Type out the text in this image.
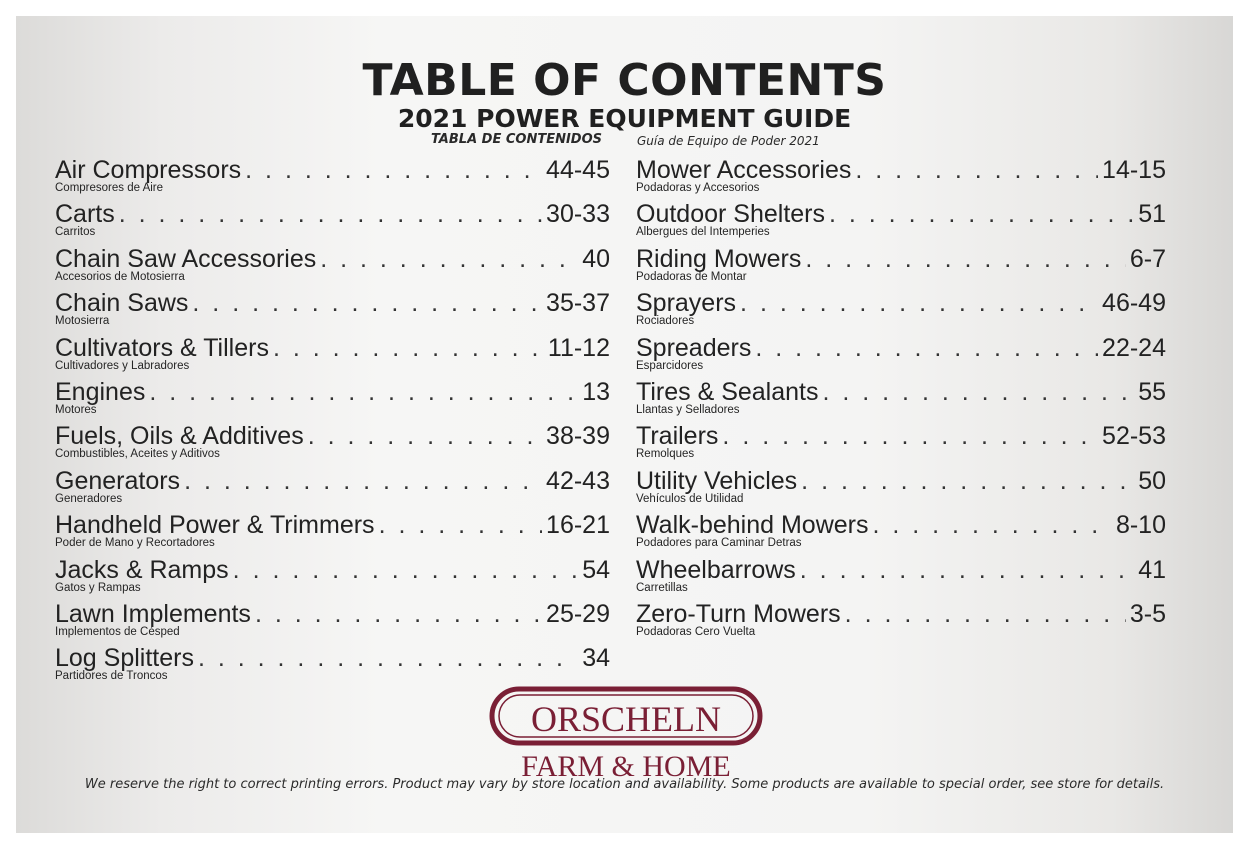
TABLE OF CONTENTS
2021 POWER EQUIPMENT GUIDE
TABLA DE CONTENIDOS	Guía de Equipo de Poder 2021
Air Compressors . . .	44-45
Compresores de Aire
Carts . . .	30-33
Carritos
Chain Saw Accessories . . .	40
Accesorios de Motosierra
Chain Saws . . .	35-37
Motosierra
Cultivators & Tillers . . .	11-12
Cultivadores y Labradores
Engines . . .	13
Motores
Fuels, Oils & Additives . . .	38-39
Combustibles, Aceites y Aditivos
Generators . . .	42-43
Generadores
Handheld Power & Trimmers . . .	16-21
Poder de Mano y Recortadores
Jacks & Ramps . . .	54
Gatos y Rampas
Lawn Implements . . .	25-29
Implementos de Césped
Log Splitters . . .	34
Partidores de Troncos
Mower Accessories . . .	14-15
Podadoras y Accesorios
Outdoor Shelters . . .	51
Albergues del Intemperies
Riding Mowers . . .	6-7
Podadoras de Montar
Sprayers . . .	46-49
Rociadores
Spreaders . . .	22-24
Esparcidores
Tires & Sealants . . .	55
Llantas y Selladores
Trailers . . .	52-53
Remolques
Utility Vehicles . . .	50
Vehículos de Utilidad
Walk-behind Mowers . . .	8-10
Podadores para Caminar Detras
Wheelbarrows . . .	41
Carretillas
Zero-Turn Mowers . . .	3-5
Podadoras Cero Vuelta
ORSCHELN
FARM & HOME
We reserve the right to correct printing errors. Product may vary by store location and availability. Some products are available to special order, see store for details.
